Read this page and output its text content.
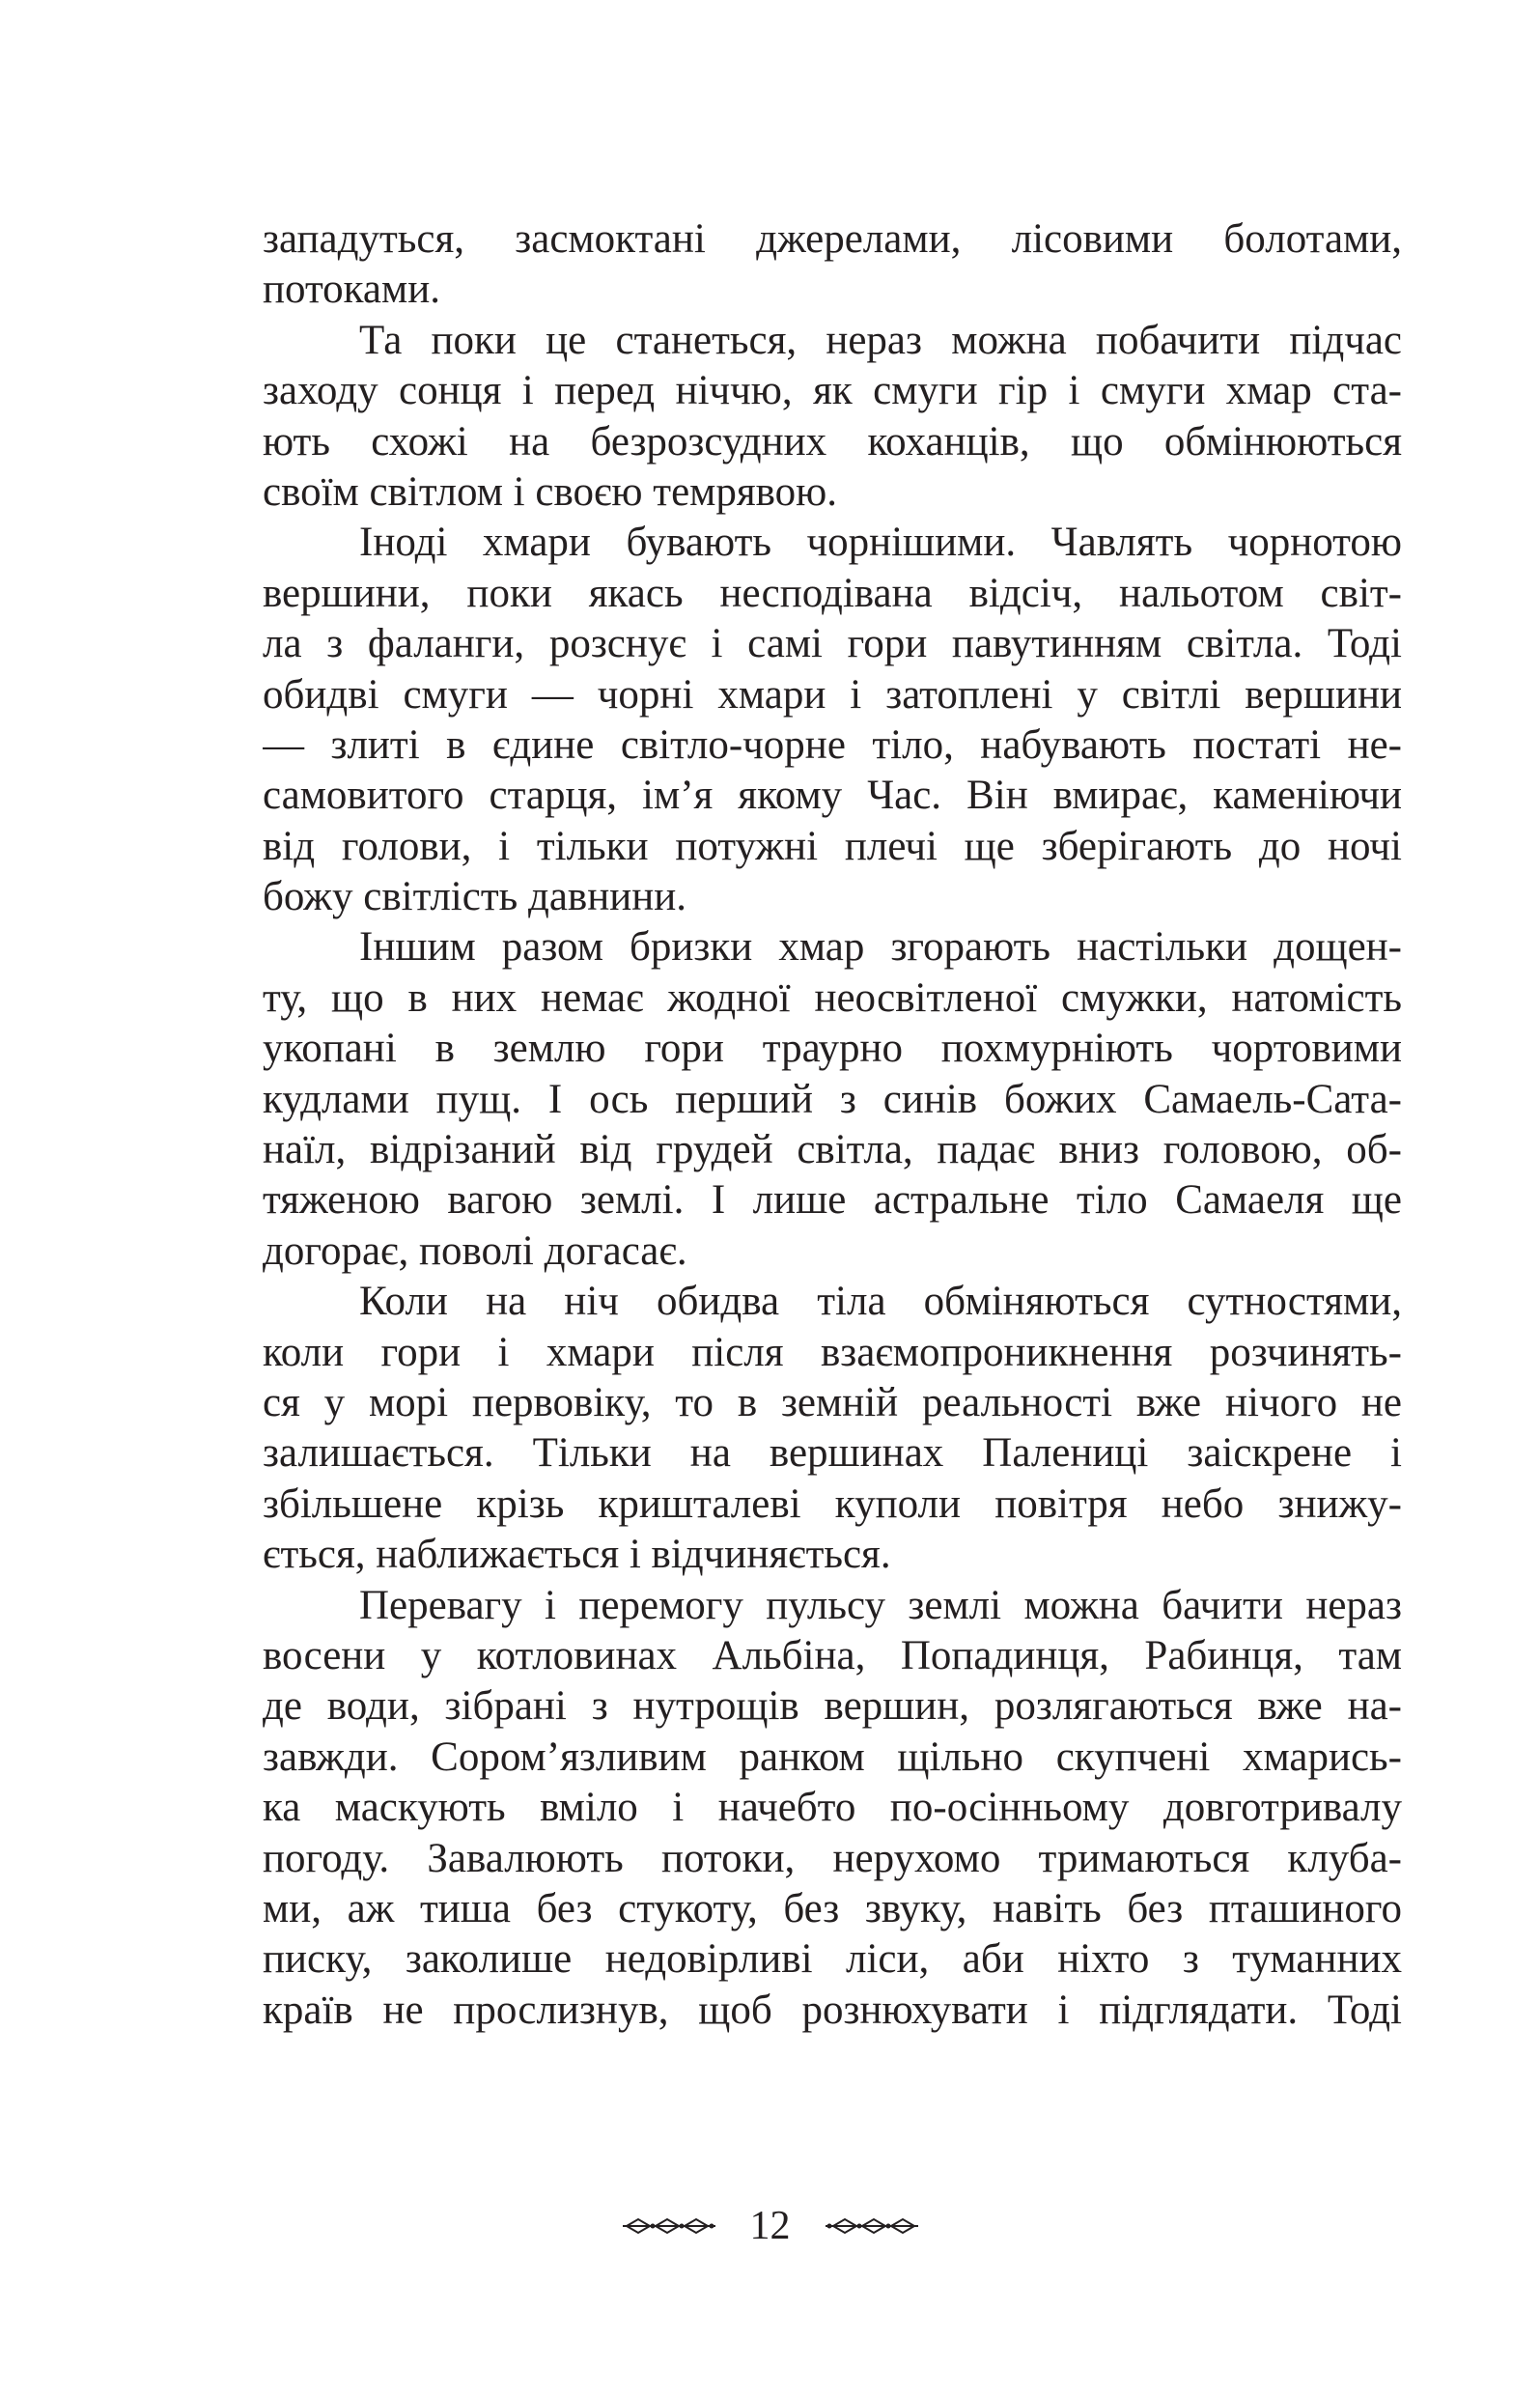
западуться, засмоктані джерелами, лісовими болотами,
потоками.
Та поки це станеться, нераз можна побачити підчас
заходу сонця і перед ніччю, як смуги гір і смуги хмар ста-
ють схожі на безрозсудних коханців, що обмінюються
своїм світлом і своєю темрявою.
Іноді хмари бувають чорнішими. Чавлять чорнотою
вершини, поки якась несподівана відсіч, нальотом світ-
ла з фаланги, розснує і самі гори павутинням світла. Тоді
обидві смуги — чорні хмари і затоплені у світлі вершини
— злиті в єдине світло-чорне тіло, набувають постаті не-
самовитого старця, ім’я якому Час. Він вмирає, каменіючи
від голови, і тільки потужні плечі ще зберігають до ночі
божу світлість давнини.
Іншим разом бризки хмар згорають настільки дощен-
ту, що в них немає жодної неосвітленої смужки, натомість
укопані в землю гори траурно похмурніють чортовими
кудлами пущ. І ось перший з синів божих Самаель-Сата-
наїл, відрізаний від грудей світла, падає вниз головою, об-
тяженою вагою землі. І лише астральне тіло Самаеля ще
догорає, поволі догасає.
Коли на ніч обидва тіла обміняються сутностями,
коли гори і хмари після взаємопроникнення розчинять-
ся у морі первовіку, то в земній реальності вже нічого не
залишається. Тільки на вершинах Палениці заіскрене і
збільшене крізь кришталеві куполи повітря небо знижу-
ється, наближається і відчиняється.
Перевагу і перемогу пульсу землі можна бачити нераз
восени у котловинах Альбіна, Попадинця, Рабинця, там
де води, зібрані з нутрощів вершин, розлягаються вже на-
завжди. Сором’язливим ранком щільно скупчені хмарись-
ка маскують вміло і начебто по-осінньому довготривалу
погоду. Завалюють потоки, нерухомо тримаються клуба-
ми, аж тиша без стукоту, без звуку, навіть без пташиного
писку, заколише недовірливі ліси, аби ніхто з туманних
країв не прослизнув, щоб рознюхувати і підглядати. Тоді
12
